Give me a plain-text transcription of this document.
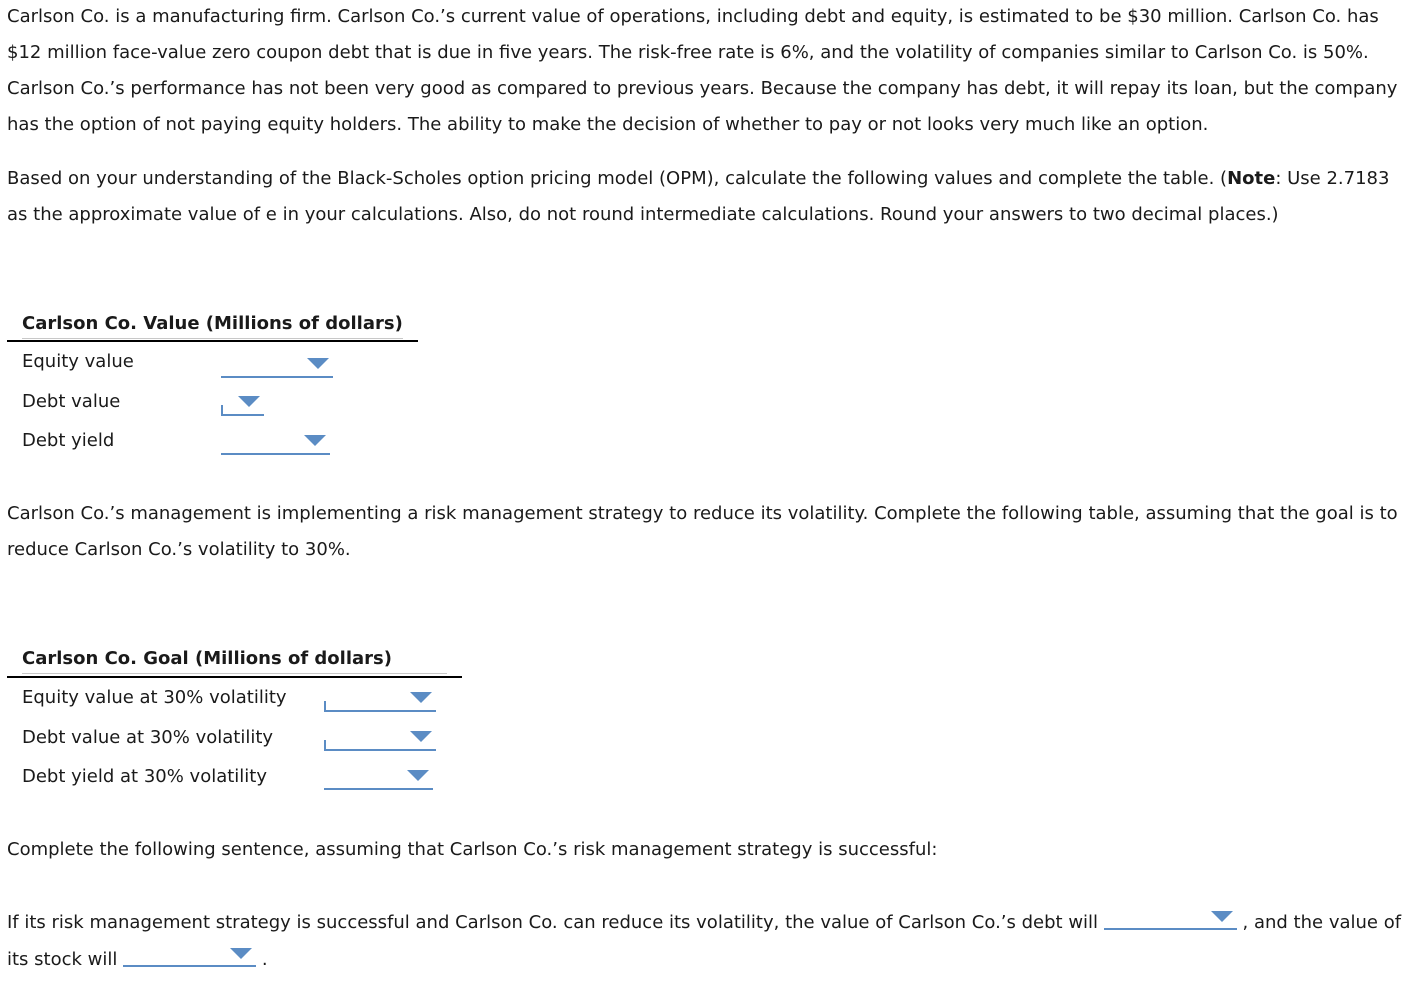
Carlson Co. is a manufacturing firm. Carlson Co.’s current value of operations, including debt and equity, is estimated to be $30 million. Carlson Co. has $12 million face-value zero coupon debt that is due in five years. The risk-free rate is 6%, and the volatility of companies similar to Carlson Co. is 50%. Carlson Co.’s performance has not been very good as compared to previous years. Because the company has debt, it will repay its loan, but the company has the option of not paying equity holders. The ability to make the decision of whether to pay or not looks very much like an option.

Based on your understanding of the Black-Scholes option pricing model (OPM), calculate the following values and complete the table. (Note: Use 2.7183 as the approximate value of e in your calculations. Also, do not round intermediate calculations. Round your answers to two decimal places.)

Carlson Co. Value (Millions of dollars)
Equity value
Debt value
Debt yield

Carlson Co.’s management is implementing a risk management strategy to reduce its volatility. Complete the following table, assuming that the goal is to reduce Carlson Co.’s volatility to 30%.

Carlson Co. Goal (Millions of dollars)
Equity value at 30% volatility
Debt value at 30% volatility
Debt yield at 30% volatility

Complete the following sentence, assuming that Carlson Co.’s risk management strategy is successful:

If its risk management strategy is successful and Carlson Co. can reduce its volatility, the value of Carlson Co.’s debt will	, and the value of its stock will	.
